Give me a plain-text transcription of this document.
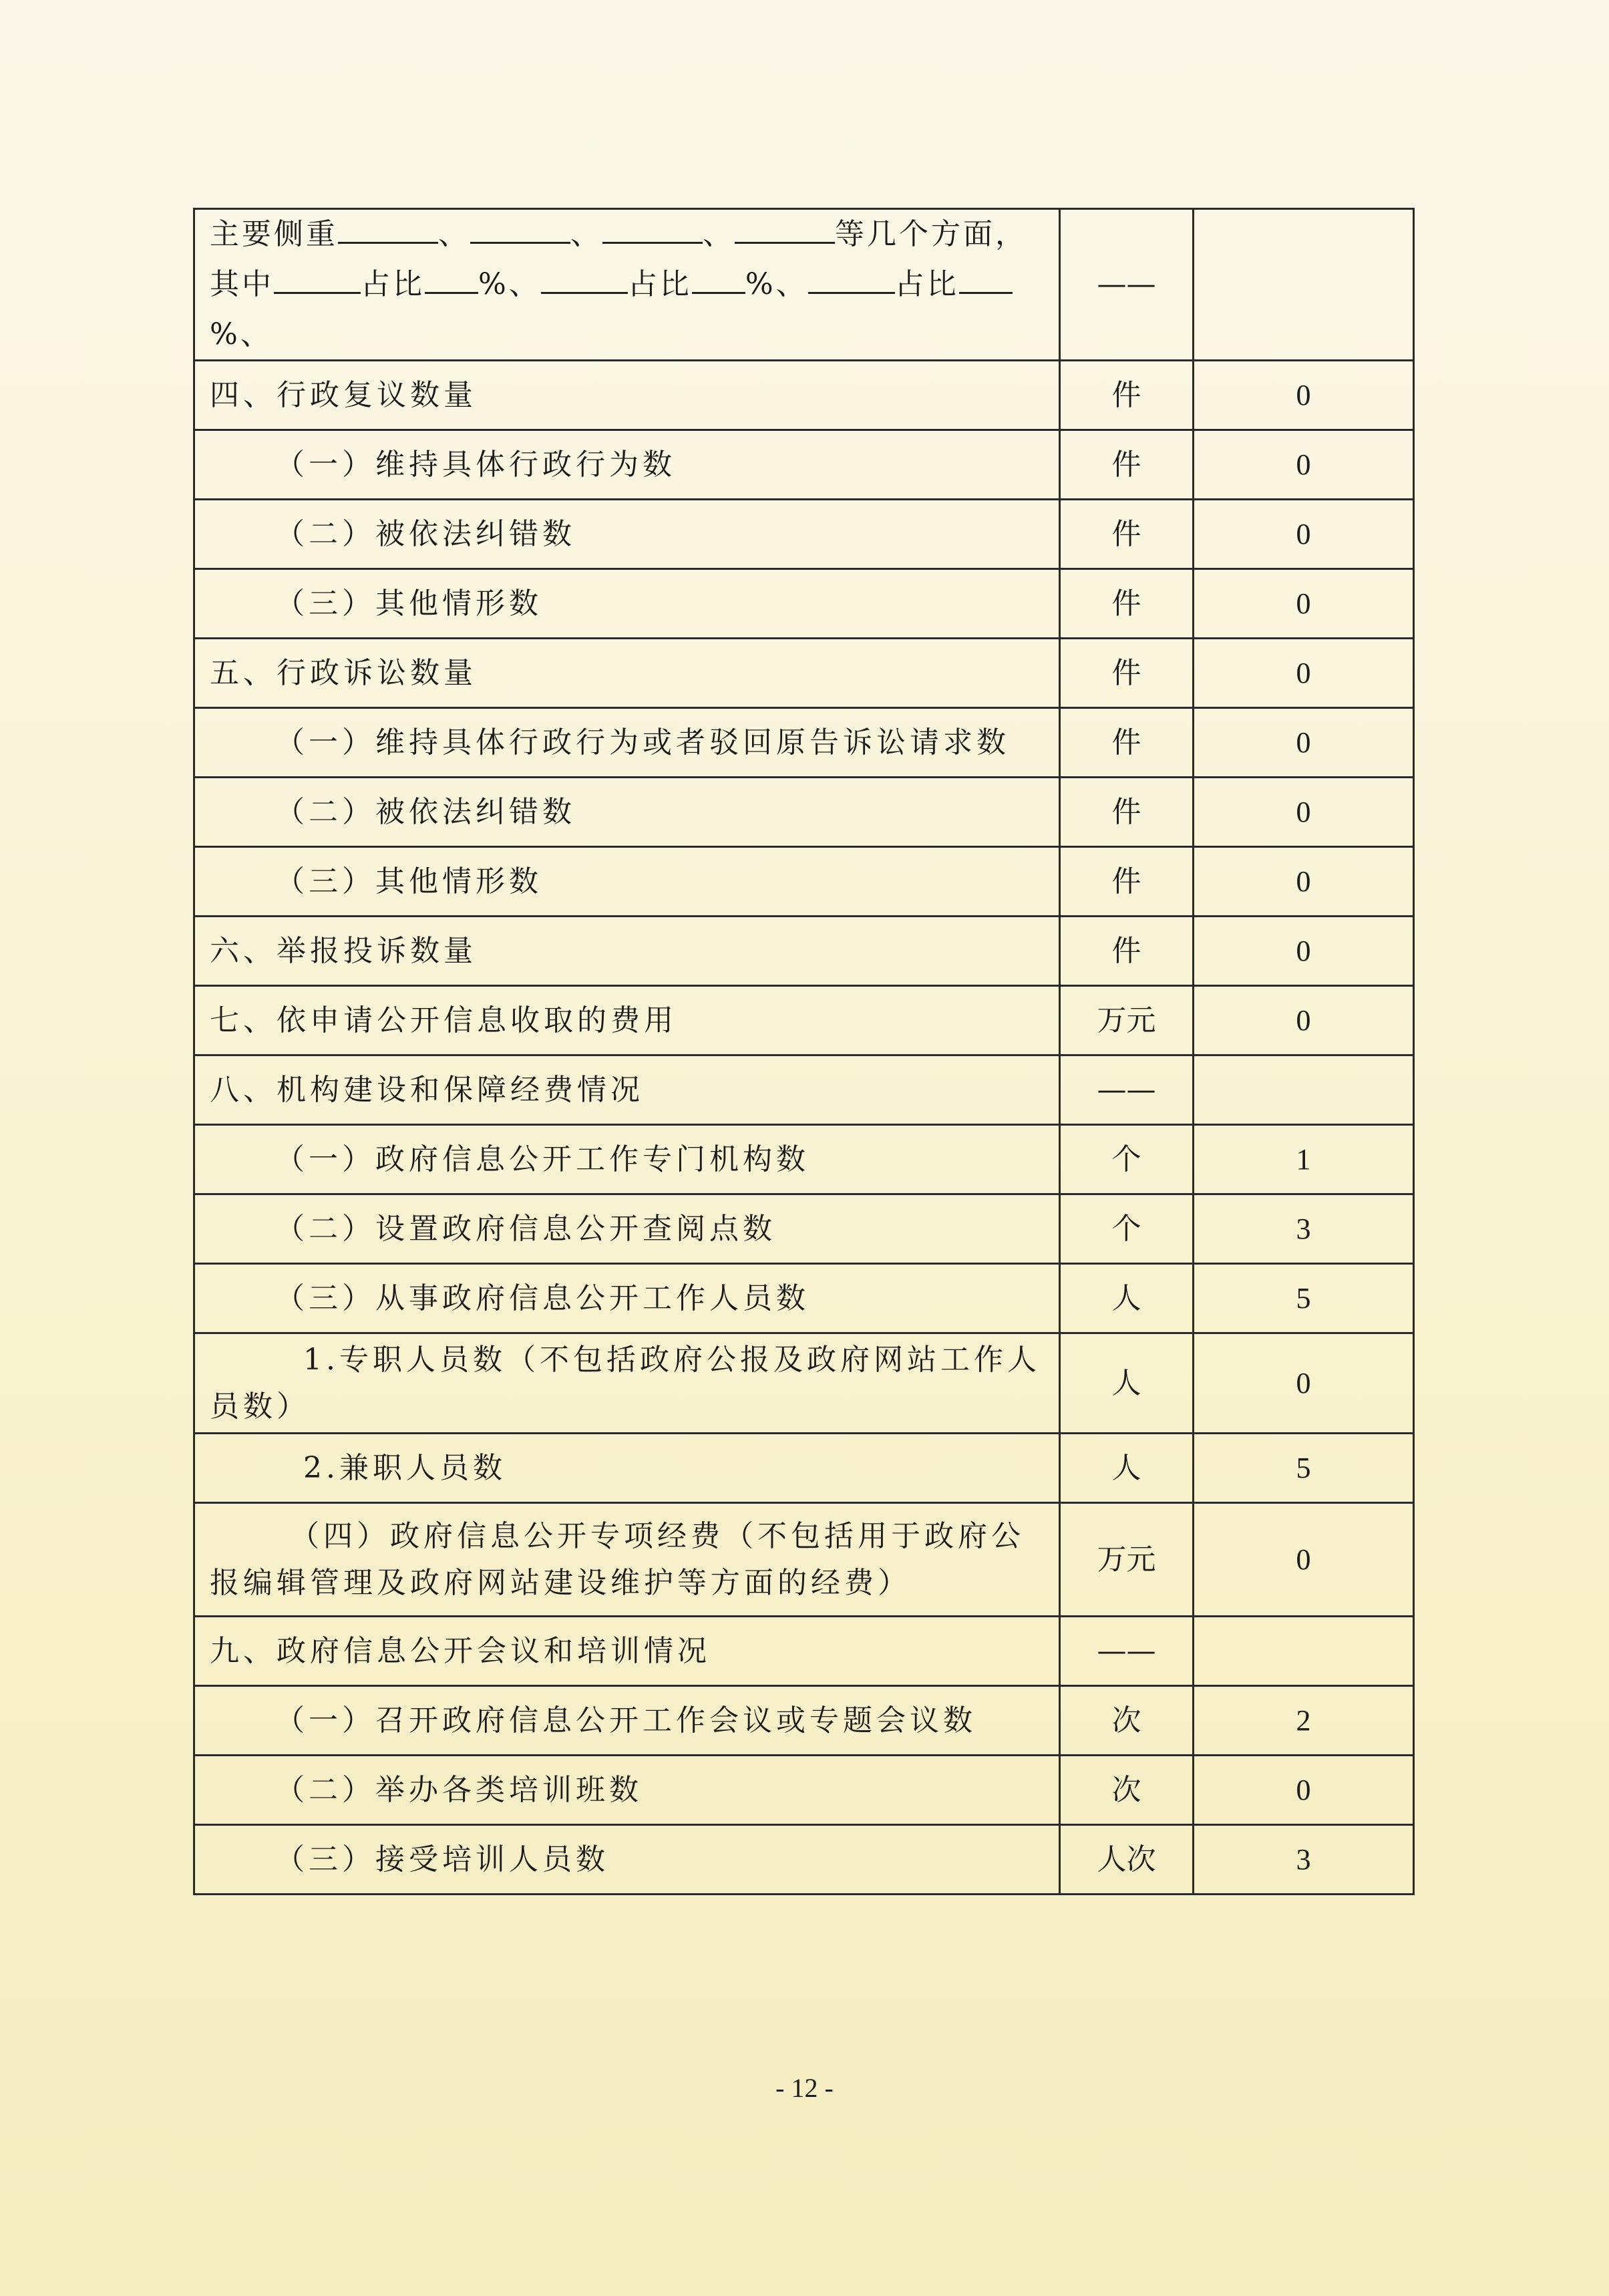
主要侧重 、 、 、 等几个方面，
其中 占比 %、 占比 %、 占比%、	——	
四、行政复议数量	件	0
（一）维持具体行政行为数	件	0
（二）被依法纠错数	件	0
（三）其他情形数	件	0
五、行政诉讼数量	件	0
（一）维持具体行政行为或者驳回原告诉讼请求数	件	0
（二）被依法纠错数	件	0
（三）其他情形数	件	0
六、举报投诉数量	件	0
七、依申请公开信息收取的费用	万元	0
八、机构建设和保障经费情况	——	
（一）政府信息公开工作专门机构数	个	1
（二）设置政府信息公开查阅点数	个	3
（三）从事政府信息公开工作人员数	人	5
1.专职人员数（不包括政府公报及政府网站工作人员数）	人	0
2.兼职人员数	人	5
（四）政府信息公开专项经费（不包括用于政府公报编辑管理及政府网站建设维护等方面的经费）	万元	0
九、政府信息公开会议和培训情况	——	
（一）召开政府信息公开工作会议或专题会议数	次	2
（二）举办各类培训班数	次	0
（三）接受培训人员数	人次	3
- 12 -
